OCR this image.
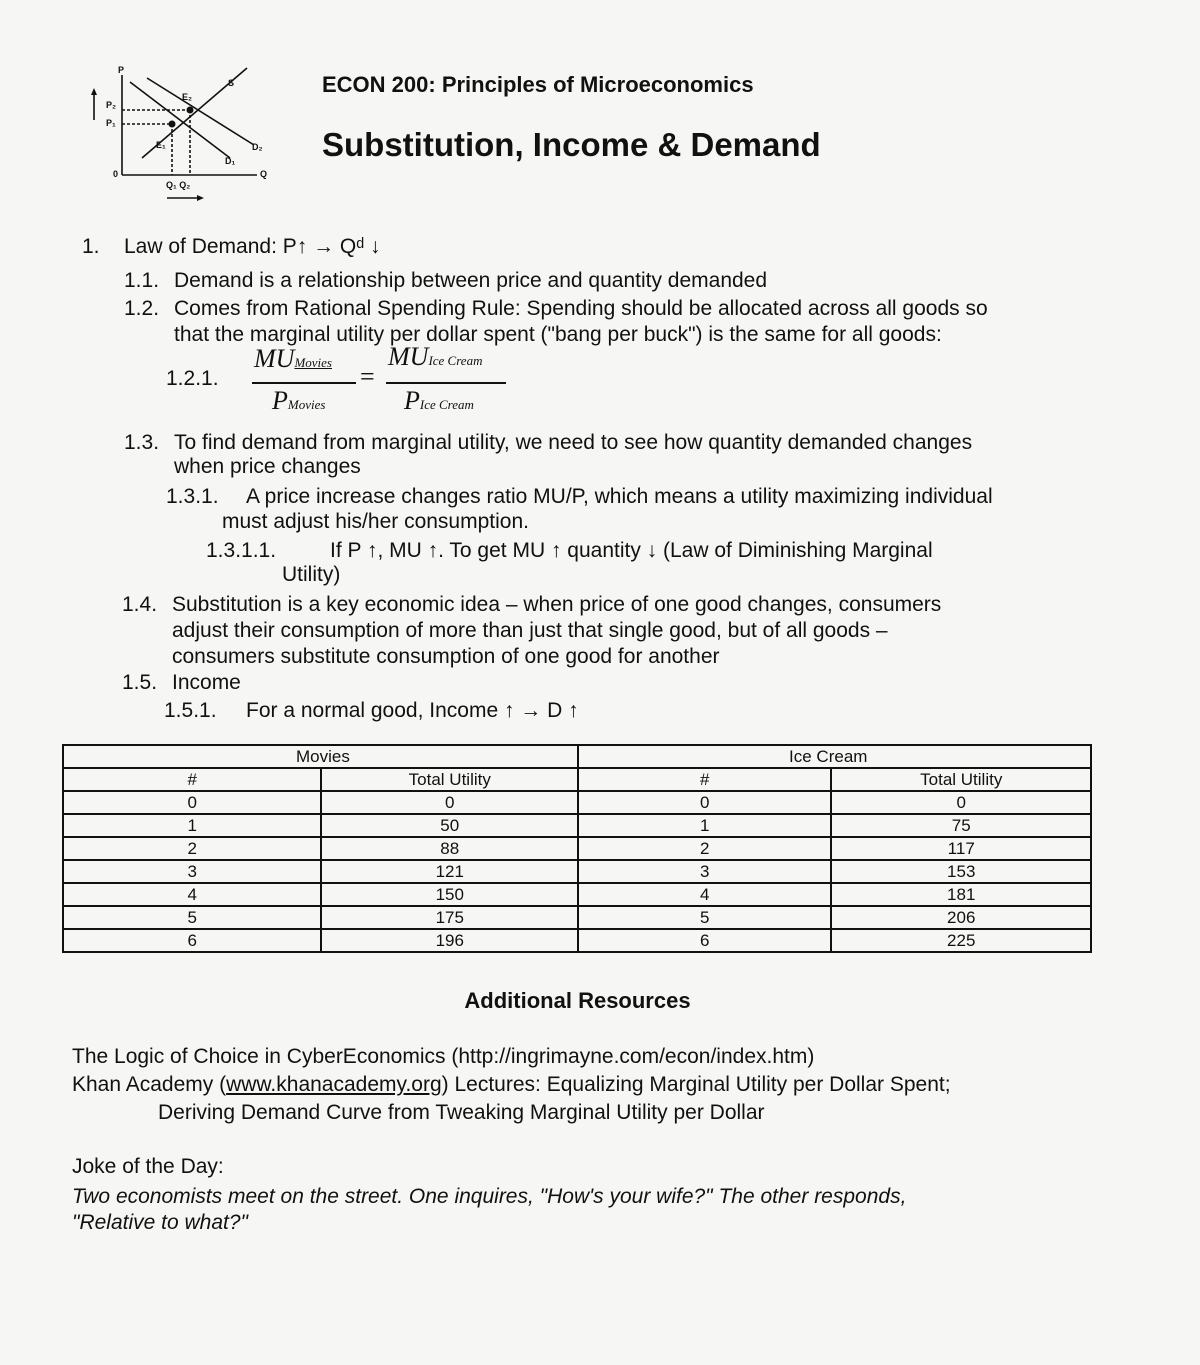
P
P₂
P₁
S
E₂
E₁
D₁
D₂
Q
0
Q₁ Q₂
ECON 200: Principles of Microeconomics
Substitution, Income & Demand
1. Law of Demand: P↑ → Qᵈ ↓
1.1. Demand is a relationship between price and quantity demanded
1.2. Comes from Rational Spending Rule: Spending should be allocated across all goods so
that the marginal utility per dollar spent ("bang per buck") is the same for all goods:
1.2.1.
MUMovies
PMovies
=
MUIce Cream
PIce Cream
1.3. To find demand from marginal utility, we need to see how quantity demanded changes
when price changes
1.3.1. A price increase changes ratio MU/P, which means a utility maximizing individual
must adjust his/her consumption.
1.3.1.1.	If P ↑, MU ↑. To get MU ↑ quantity ↓ (Law of Diminishing Marginal
Utility)
1.4. Substitution is a key economic idea – when price of one good changes, consumers
adjust their consumption of more than just that single good, but of all goods –
consumers substitute consumption of one good for another
1.5. Income
1.5.1. For a normal good, Income ↑ → D ↑
Movies		Ice Cream	
#	Total Utility	#	Total Utility
0	0	0	0
1	50	1	75
2	88	2	117
3	121	3	153
4	150	4	181
5	175	5	206
6	196	6	225
Additional Resources
The Logic of Choice in CyberEconomics (http://ingrimayne.com/econ/index.htm)
Khan Academy (www.khanacademy.org) Lectures: Equalizing Marginal Utility per Dollar Spent;
Deriving Demand Curve from Tweaking Marginal Utility per Dollar
Joke of the Day:
Two economists meet on the street. One inquires, "How's your wife?" The other responds,
"Relative to what?"
